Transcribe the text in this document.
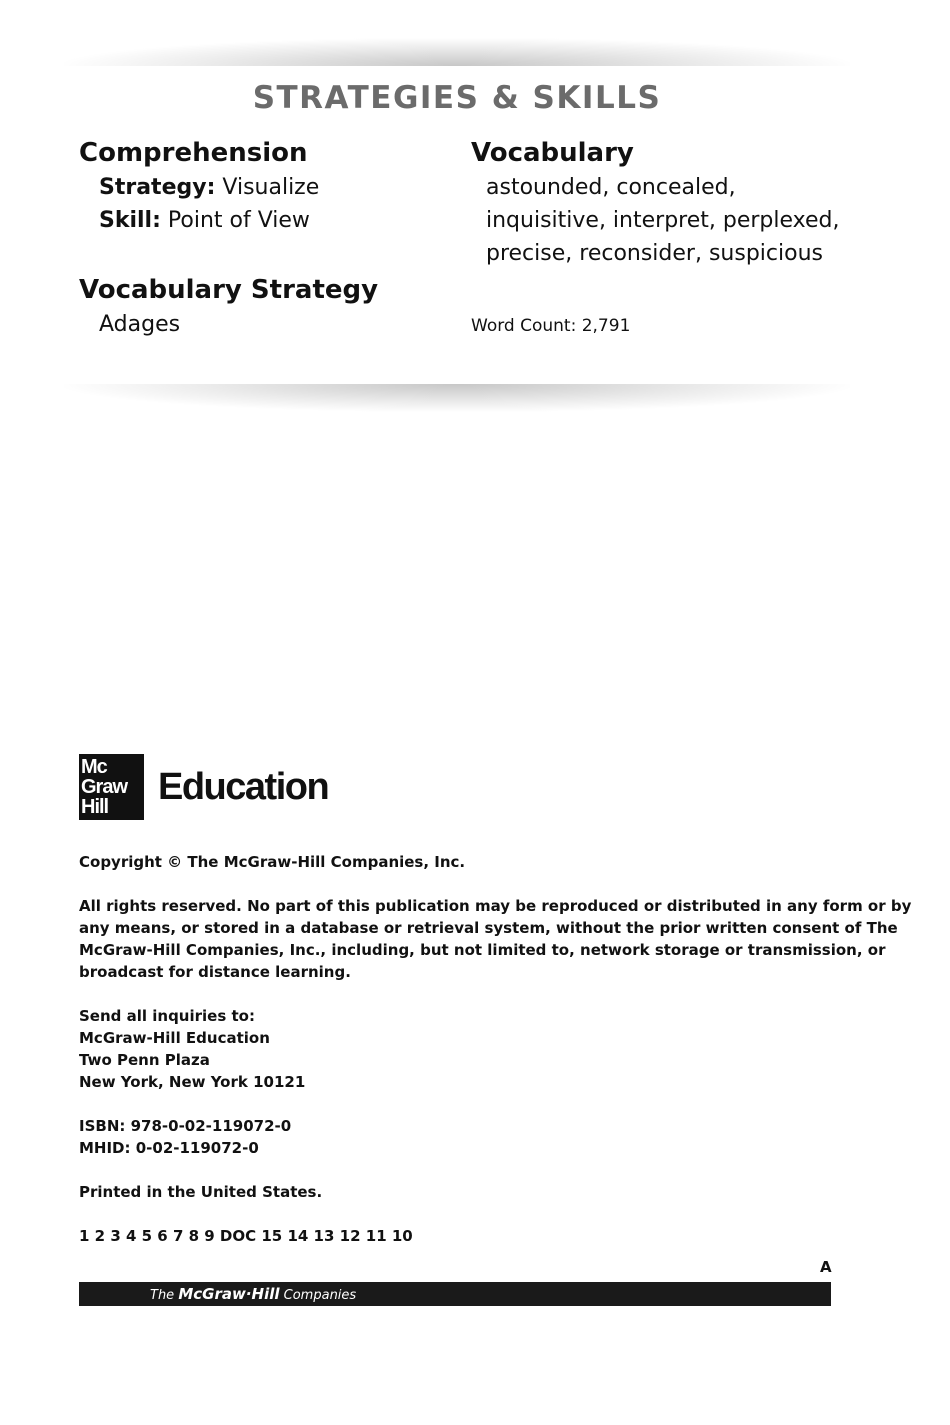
STRATEGIES & SKILLS
Comprehension
Strategy: Visualize
Skill: Point of View
Vocabulary Strategy
Adages
Vocabulary
astounded, concealed,
inquisitive, interpret, perplexed,
precise, reconsider, suspicious
Word Count: 2,791
Mc
Graw
Hill	Education
Copyright © The McGraw-Hill Companies, Inc.
All rights reserved. No part of this publication may be reproduced or distributed in any form or by
any means, or stored in a database or retrieval system, without the prior written consent of The
McGraw-Hill Companies, Inc., including, but not limited to, network storage or transmission, or
broadcast for distance learning.
Send all inquiries to:
McGraw-Hill Education
Two Penn Plaza
New York, New York 10121
ISBN: 978-0-02-119072-0
MHID: 0-02-119072-0
Printed in the United States.
1 2 3 4 5 6 7 8 9 DOC 15 14 13 12 11 10
A
The McGraw·Hill Companies
